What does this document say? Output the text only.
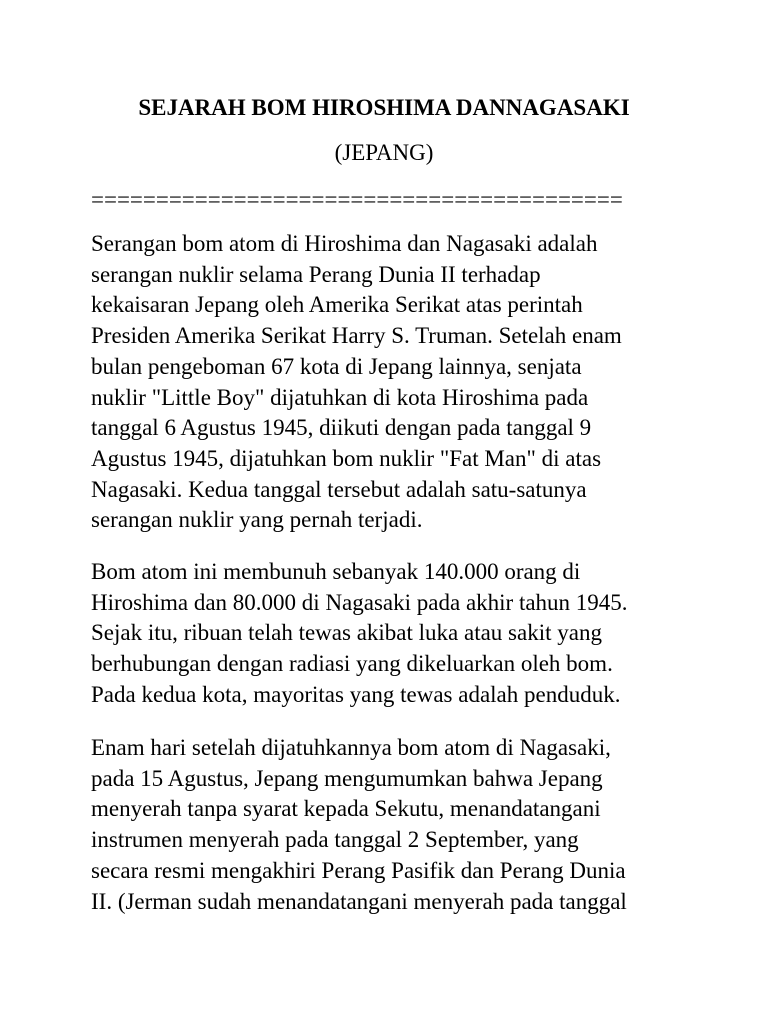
SEJARAH BOM HIROSHIMA DANNAGASAKI
(JEPANG)
=========================================
Serangan bom atom di Hiroshima dan Nagasaki adalah
serangan nuklir selama Perang Dunia II terhadap
kekaisaran Jepang oleh Amerika Serikat atas perintah
Presiden Amerika Serikat Harry S. Truman. Setelah enam
bulan pengeboman 67 kota di Jepang lainnya, senjata
nuklir "Little Boy" dijatuhkan di kota Hiroshima pada
tanggal 6 Agustus 1945, diikuti dengan pada tanggal 9
Agustus 1945, dijatuhkan bom nuklir "Fat Man" di atas
Nagasaki. Kedua tanggal tersebut adalah satu-satunya
serangan nuklir yang pernah terjadi.
Bom atom ini membunuh sebanyak 140.000 orang di
Hiroshima dan 80.000 di Nagasaki pada akhir tahun 1945.
Sejak itu, ribuan telah tewas akibat luka atau sakit yang
berhubungan dengan radiasi yang dikeluarkan oleh bom.
Pada kedua kota, mayoritas yang tewas adalah penduduk.
Enam hari setelah dijatuhkannya bom atom di Nagasaki,
pada 15 Agustus, Jepang mengumumkan bahwa Jepang
menyerah tanpa syarat kepada Sekutu, menandatangani
instrumen menyerah pada tanggal 2 September, yang
secara resmi mengakhiri Perang Pasifik dan Perang Dunia
II. (Jerman sudah menandatangani menyerah pada tanggal
